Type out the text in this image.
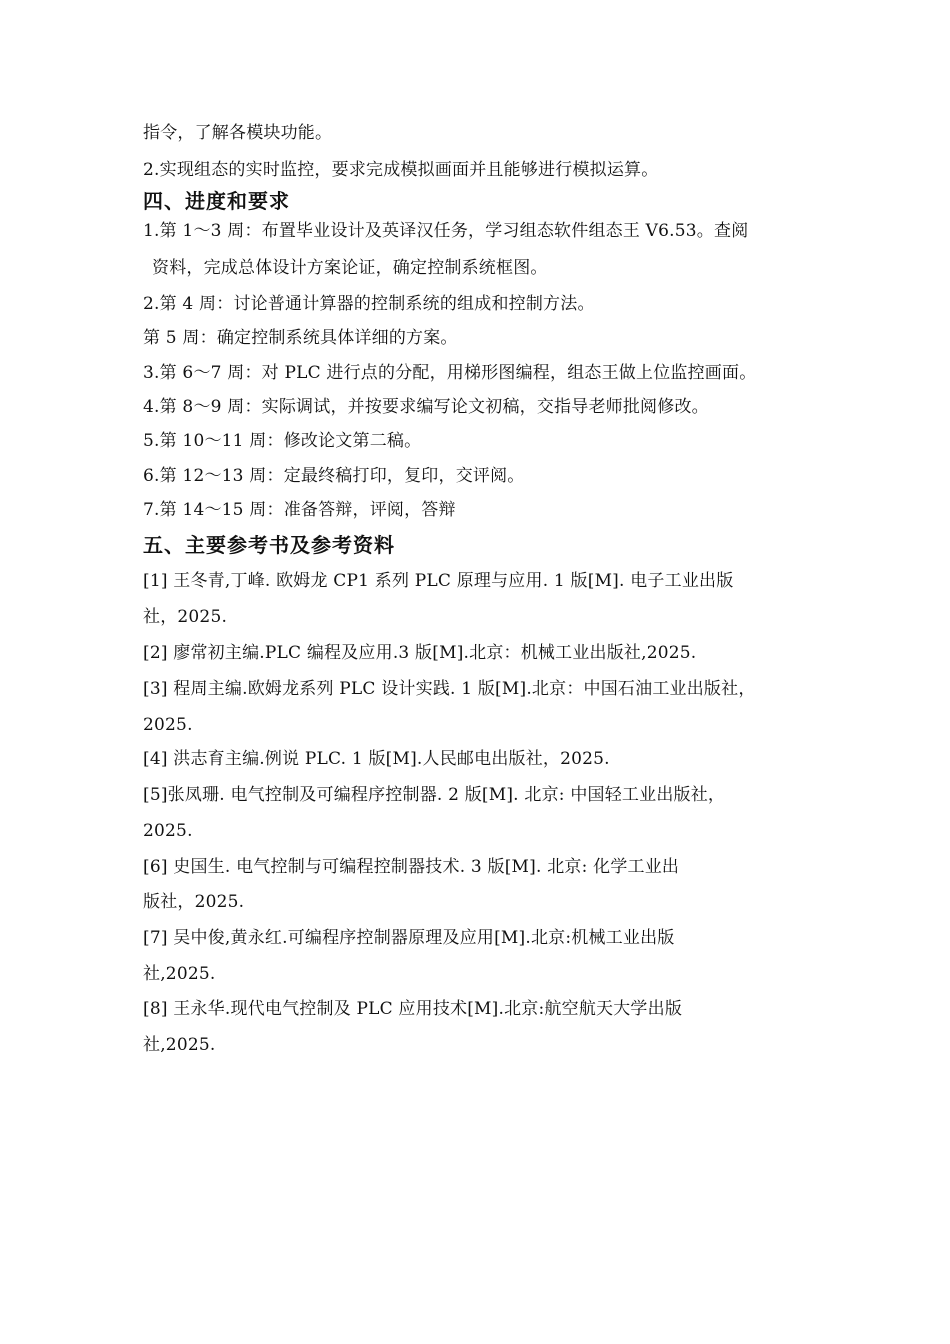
指令，了解各模块功能。
2.实现组态的实时监控，要求完成模拟画面并且能够进行模拟运算。
四、进度和要求
1.第 1～3 周：布置毕业设计及英译汉任务，学习组态软件组态王 V6.53。查阅
资料，完成总体设计方案论证，确定控制系统框图。
2.第 4 周：讨论普通计算器的控制系统的组成和控制方法。
第 5 周：确定控制系统具体详细的方案。
3.第 6～7 周：对 PLC 进行点的分配，用梯形图编程，组态王做上位监控画面。
4.第 8～9 周：实际调试，并按要求编写论文初稿，交指导老师批阅修改。
5.第 10～11 周：修改论文第二稿。
6.第 12～13 周：定最终稿打印，复印，交评阅。
7.第 14～15 周：准备答辩，评阅，答辩
五、主要参考书及参考资料
[1] 王冬青,丁峰. 欧姆龙 CP1 系列 PLC 原理与应用. 1 版[M]. 电子工业出版
社，2025.
[2] 廖常初主编.PLC 编程及应用.3 版[M].北京：机械工业出版社,2025.
[3] 程周主编.欧姆龙系列 PLC 设计实践. 1 版[M].北京：中国石油工业出版社，
2025.
[4] 洪志育主编.例说 PLC. 1 版[M].人民邮电出版社，2025.
[5]张凤珊. 电气控制及可编程序控制器. 2 版[M]. 北京: 中国轻工业出版社，
2025.
[6] 史国生. 电气控制与可编程控制器技术. 3 版[M]. 北京: 化学工业出
版社，2025.
[7] 吴中俊,黄永红.可编程序控制器原理及应用[M].北京:机械工业出版
社,2025.
[8] 王永华.现代电气控制及 PLC 应用技术[M].北京:航空航天大学出版
社,2025.
